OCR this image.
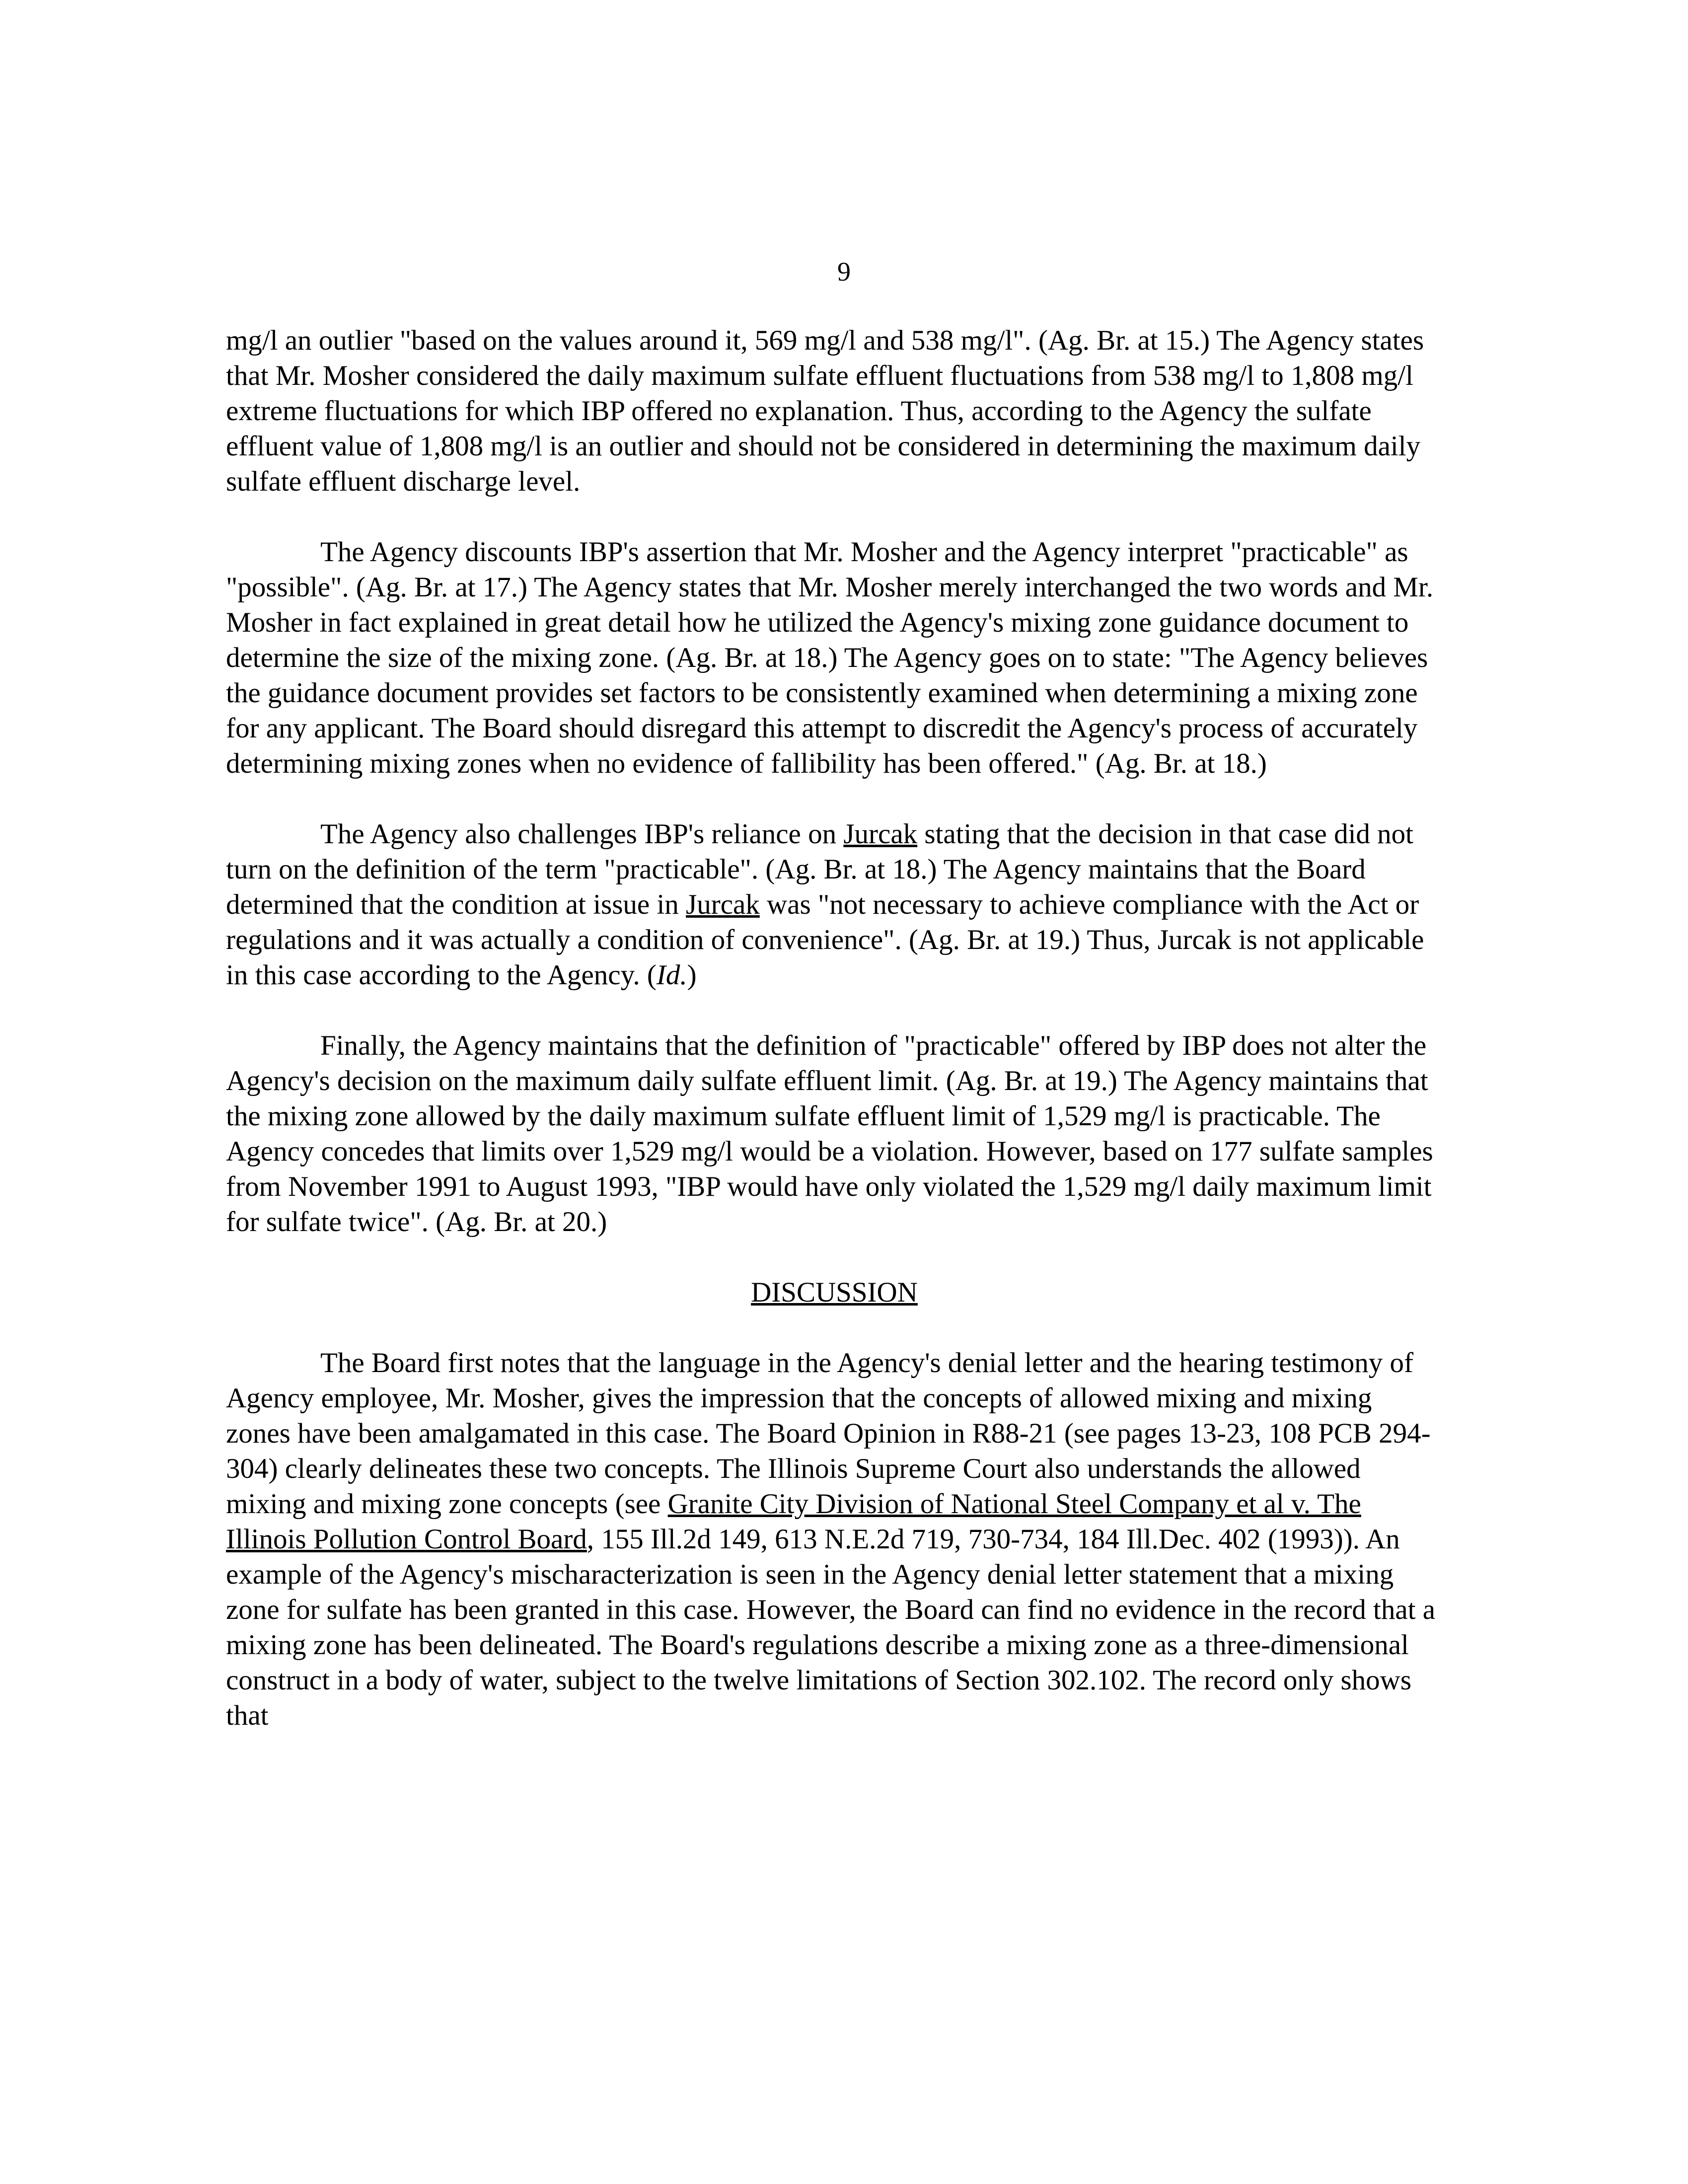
9

mg/l an outlier "based on the values around it, 569 mg/l and 538 mg/l". (Ag. Br. at 15.) The Agency states that Mr. Mosher considered the daily maximum sulfate effluent fluctuations from 538 mg/l to 1,808 mg/l extreme fluctuations for which IBP offered no explanation. Thus, according to the Agency the sulfate effluent value of 1,808 mg/l is an outlier and should not be considered in determining the maximum daily sulfate effluent discharge level.

The Agency discounts IBP's assertion that Mr. Mosher and the Agency interpret "practicable" as "possible". (Ag. Br. at 17.) The Agency states that Mr. Mosher merely interchanged the two words and Mr. Mosher in fact explained in great detail how he utilized the Agency's mixing zone guidance document to determine the size of the mixing zone. (Ag. Br. at 18.) The Agency goes on to state: "The Agency believes the guidance document provides set factors to be consistently examined when determining a mixing zone for any applicant. The Board should disregard this attempt to discredit the Agency's process of accurately determining mixing zones when no evidence of fallibility has been offered." (Ag. Br. at 18.)

The Agency also challenges IBP's reliance on Jurcak stating that the decision in that case did not turn on the definition of the term "practicable". (Ag. Br. at 18.) The Agency maintains that the Board determined that the condition at issue in Jurcak was "not necessary to achieve compliance with the Act or regulations and it was actually a condition of convenience". (Ag. Br. at 19.) Thus, Jurcak is not applicable in this case according to the Agency. (Id.)

Finally, the Agency maintains that the definition of "practicable" offered by IBP does not alter the Agency's decision on the maximum daily sulfate effluent limit. (Ag. Br. at 19.) The Agency maintains that the mixing zone allowed by the daily maximum sulfate effluent limit of 1,529 mg/l is practicable. The Agency concedes that limits over 1,529 mg/l would be a violation. However, based on 177 sulfate samples from November 1991 to August 1993, "IBP would have only violated the 1,529 mg/l daily maximum limit for sulfate twice". (Ag. Br. at 20.)

DISCUSSION

The Board first notes that the language in the Agency's denial letter and the hearing testimony of Agency employee, Mr. Mosher, gives the impression that the concepts of allowed mixing and mixing zones have been amalgamated in this case. The Board Opinion in R88-21 (see pages 13-23, 108 PCB 294-304) clearly delineates these two concepts. The Illinois Supreme Court also understands the allowed mixing and mixing zone concepts (see Granite City Division of National Steel Company et al v. The Illinois Pollution Control Board, 155 Ill.2d 149, 613 N.E.2d 719, 730-734, 184 Ill.Dec. 402 (1993)). An example of the Agency's mischaracterization is seen in the Agency denial letter statement that a mixing zone for sulfate has been granted in this case. However, the Board can find no evidence in the record that a mixing zone has been delineated. The Board's regulations describe a mixing zone as a three-dimensional construct in a body of water, subject to the twelve limitations of Section 302.102. The record only shows that
